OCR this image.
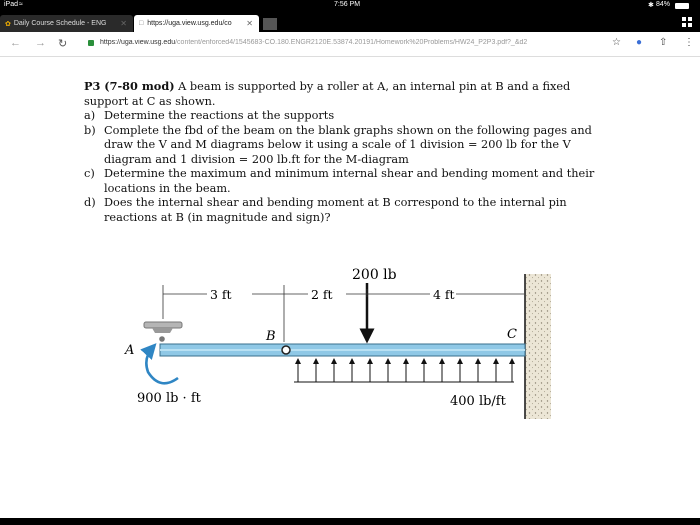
iPad ≈	7:56 PM	✱ 84%
✿ Daily Course Schedule - ENG ✕ □ https://uga.view.usg.edu/co ✕
← → ↻	https://uga.view.usg.edu/content/enforced4/1545683-CO.180.ENGR2120E.53874.20191/Homework%20Problems/HW24_P2P3.pdf?_&d2	☆ ● ⇧ ⋮

P3 (7-80 mod) A beam is supported by a roller at A, an internal pin at B and a fixed support at C as shown.

a) Determine the reactions at the supports
b) Complete the fbd of the beam on the blank graphs shown on the following pages and draw the V and M diagrams below it using a scale of 1 division = 200 lb for the V diagram and 1 division = 200 lb.ft for the M-diagram
c) Determine the maximum and minimum internal shear and bending moment and their locations in the beam.
d) Does the internal shear and bending moment at B correspond to the internal pin reactions at B (in magnitude and sign)?
200 lb
3 ft	2 ft	4 ft
B	C
A
900 lb · ft	400 lb/ft
